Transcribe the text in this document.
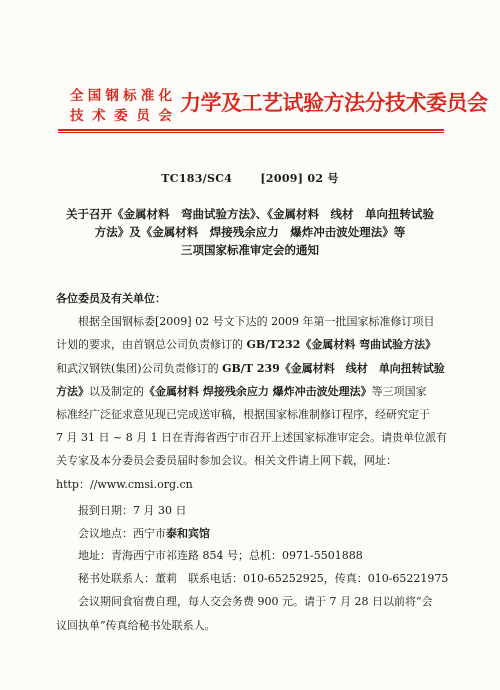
全国钢标准化
技术委员会
力学及工艺试验方法分技术委员会
TC183/SC4	[2009] 02 号
关于召开《金属材料　弯曲试验方法》、《金属材料　线材　单向扭转试验
方法》及《金属材料　焊接残余应力　爆炸冲击波处理法》等
三项国家标准审定会的通知
各位委员及有关单位：
根据全国钢标委[2009] 02 号文下达的 2009 年第一批国家标准修订项目
计划的要求，由首钢总公司负责修订的 GB/T232《金属材料 弯曲试验方法》
和武汉钢铁(集团)公司负责修订的 GB/T 239《金属材料　线材　单向扭转试验
方法》以及制定的《金属材料 焊接残余应力 爆炸冲击波处理法》等三项国家
标准经广泛征求意见现已完成送审稿，根据国家标准制修订程序，经研究定于
7 月 31 日 ~ 8 月 1 日在青海省西宁市召开上述国家标准审定会。请贵单位派有
关专家及本分委员会委员届时参加会议。相关文件请上网下载，网址：
http：//www.cmsi.org.cn
报到日期：7 月 30 日
会议地点：西宁市泰和宾馆
地址：青海西宁市祁连路 854 号；总机：0971-5501888
秘书处联系人：董莉　联系电话：010-65252925，传真：010-65221975
会议期间食宿费自理，每人交会务费 900 元。请于 7 月 28 日以前将“会
议回执单”传真给秘书处联系人。
